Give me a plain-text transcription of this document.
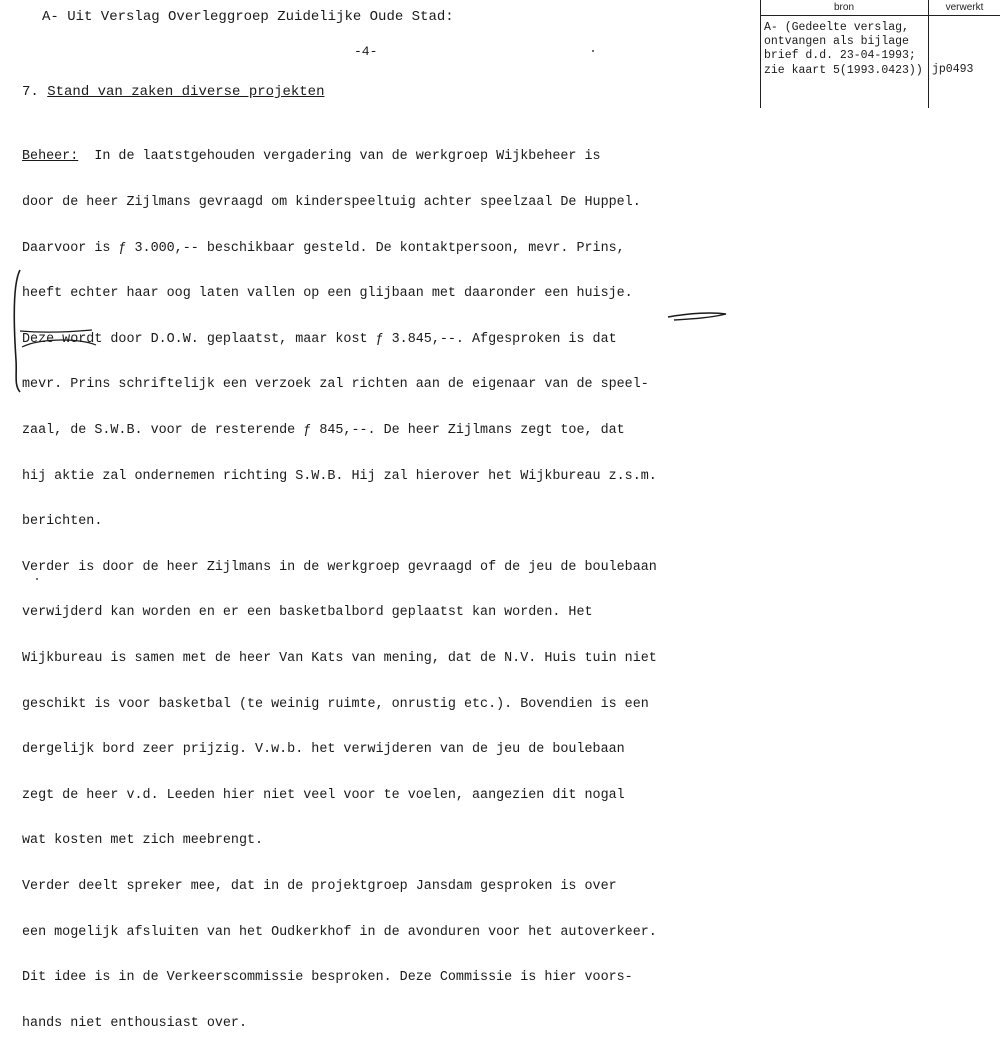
A- Uit Verslag Overleggroep Zuidelijke Oude Stad:
-4-
7. Stand van zaken diverse projekten

Beheer:  In de laatstgehouden vergadering van de werkgroep Wijkbeheer is

door de heer Zijlmans gevraagd om kinderspeeltuig achter speelzaal De Huppel.

Daarvoor is ƒ 3.000,-- beschikbaar gesteld. De kontaktpersoon, mevr. Prins,

heeft echter haar oog laten vallen op een glijbaan met daaronder een huisje.

Deze wordt door D.O.W. geplaatst, maar kost ƒ 3.845,--. Afgesproken is dat

mevr. Prins schriftelijk een verzoek zal richten aan de eigenaar van de speel-

zaal, de S.W.B. voor de resterende ƒ 845,--. De heer Zijlmans zegt toe, dat

hij aktie zal ondernemen richting S.W.B. Hij zal hierover het Wijkbureau z.s.m.

berichten.

Verder is door de heer Zijlmans in de werkgroep gevraagd of de jeu de boulebaan

verwijderd kan worden en er een basketbalbord geplaatst kan worden. Het

Wijkbureau is samen met de heer Van Kats van mening, dat de N.V. Huis tuin niet

geschikt is voor basketbal (te weinig ruimte, onrustig etc.). Bovendien is een

dergelijk bord zeer prijzig. V.w.b. het verwijderen van de jeu de boulebaan

zegt de heer v.d. Leeden hier niet veel voor te voelen, aangezien dit nogal

wat kosten met zich meebrengt.

Verder deelt spreker mee, dat in de projektgroep Jansdam gesproken is over

een mogelijk afsluiten van het Oudkerkhof in de avonduren voor het autoverkeer.

Dit idee is in de Verkeerscommissie besproken. Deze Commissie is hier voors-

hands niet enthousiast over.

bron	verwerkt
A- (Gedeelte verslag,
ontvangen als bijlage
brief d.d. 23-04-1993;
zie kaart 5(1993.0423)) jp0493
